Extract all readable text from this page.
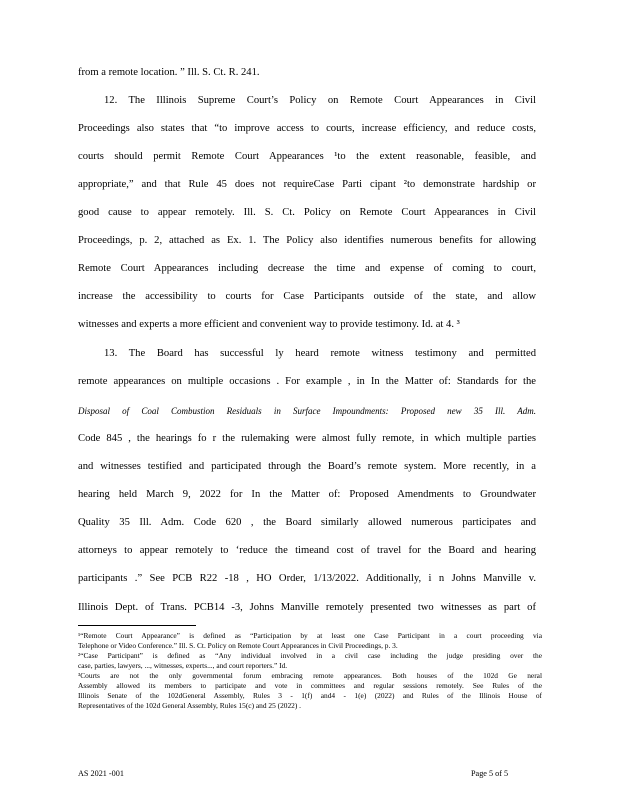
from a remote location. ” Ill. S. Ct. R. 241.
12. The Illinois Supreme Court’s Policy on Remote Court Appearances in Civil
Proceedings also states that “to improve access to courts, increase efficiency, and reduce costs,
courts should permit Remote Court Appearances ¹to the extent reasonable, feasible, and
appropriate,” and that Rule 45 does not requireCase Parti cipant ²to demonstrate hardship or
good cause to appear remotely. Ill. S. Ct. Policy on Remote Court Appearances in Civil
Proceedings, p. 2, attached as Ex. 1. The Policy also identifies numerous benefits for allowing
Remote Court Appearances including decrease the time and expense of coming to court,
increase the accessibility to courts for Case Participants outside of the state, and allow
witnesses and experts a more efficient and convenient way to provide testimony. Id. at 4. ³
13. The Board has successful ly heard remote witness testimony and permitted
remote appearances on multiple occasions . For example , in In the Matter of: Standards for the
Disposal of Coal Combustion Residuals in Surface Impoundments: Proposed new 35 Ill. Adm.
Code 845 , the hearings fo r the rulemaking were almost fully remote, in which multiple parties
and witnesses testified and participated through the Board’s remote system. More recently, in a
hearing held March 9, 2022 for In the Matter of: Proposed Amendments to Groundwater
Quality 35 Ill. Adm. Code 620 , the Board similarly allowed numerous participates and
attorneys to appear remotely to ‘reduce the timeand cost of travel for the Board and hearing
participants .” See PCB R22 -18 , HO Order, 1/13/2022. Additionally, i n Johns Manville v.
Illinois Dept. of Trans. PCB14 -3, Johns Manville remotely presented two witnesses as part of
¹“Remote Court Appearance” is defined as “Participation by at least one Case Participant in a court proceeding via
Telephone or Video Conference.” Ill. S. Ct. Policy on Remote Court Appearances in Civil Proceedings, p. 3.
²“Case Participant” is defined as “Any individual involved in a civil case including the judge presiding over the
case, parties, lawyers, ..., witnesses, experts..., and court reporters.” Id.
³Courts are not the only governmental forum embracing remote appearances. Both houses of the 102d Ge neral
Assembly allowed its members to participate and vote in committees and regular sessions remotely. See Rules of the
Illinois Senate of the 102dGeneral Assembly, Rules 3 - 1(f) and4 - 1(e) (2022) and Rules of the Illinois House of
Representatives of the 102d General Assembly, Rules 15(c) and 25 (2022) .
AS 2021 -001	Page 5 of 5
